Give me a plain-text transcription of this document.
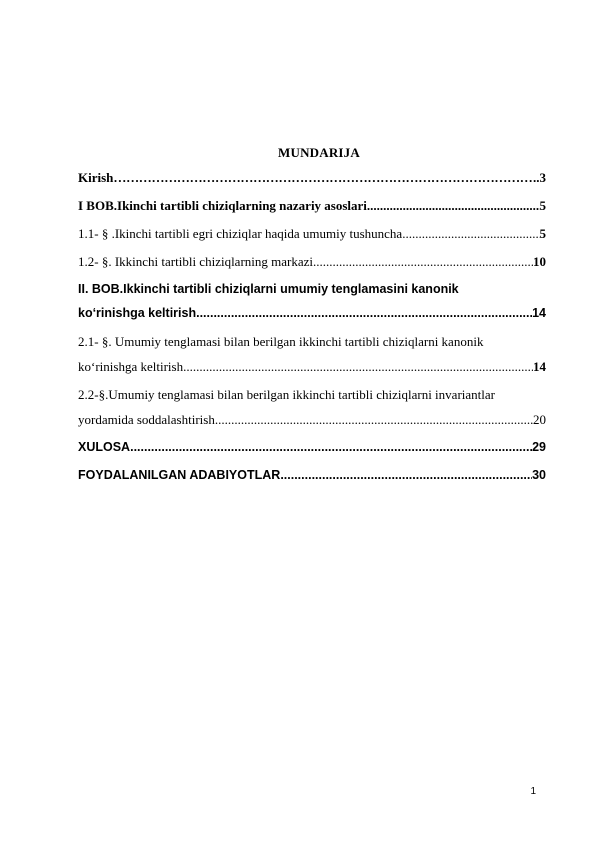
MUNDARIJA
Kirish ………………………………………………………………………………………………………………………………………………………………………………………	..3
I BOB.Ikinchi tartibli chiziqlarning nazariy asoslari .....	5
1.1- § .Ikinchi tartibli egri chiziqlar haqida umumiy tushuncha .....	5
1.2- §. Ikkinchi tartibli chiziqlarning markazi .....	10
II. BOB.Ikkinchi tartibli chiziqlarni umumiy tenglamasini kanonik
ko‘rinishga keltirish .....	14
2.1- §. Umumiy tenglamasi bilan berilgan ikkinchi tartibli chiziqlarni kanonik
ko‘rinishga keltirish .....	14
2.2-§.Umumiy tenglamasi bilan berilgan ikkinchi tartibli chiziqlarni invariantlar
yordamida soddalashtirish .....	20
XULOSA .....	29
FOYDALANILGAN ADABIYOTLAR .....	30
1
